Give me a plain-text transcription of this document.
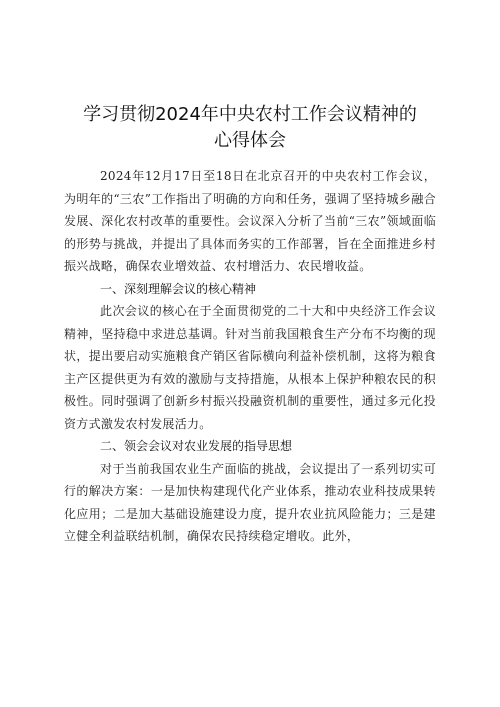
学习贯彻2024年中央农村工作会议精神的
心得体会

2024年12月17日至18日在北京召开的中央农村工作会议，为明年的“三农”工作指出了明确的方向和任务，强调了坚持城乡融合发展、深化农村改革的重要性。会议深入分析了当前“三农”领域面临的形势与挑战，并提出了具体而务实的工作部署，旨在全面推进乡村振兴战略，确保农业增效益、农村增活力、农民增收益。

一、深刻理解会议的核心精神

此次会议的核心在于全面贯彻党的二十大和中央经济工作会议精神，坚持稳中求进总基调。针对当前我国粮食生产分布不均衡的现状，提出要启动实施粮食产销区省际横向利益补偿机制，这将为粮食主产区提供更为有效的激励与支持措施，从根本上保护种粮农民的积极性。同时强调了创新乡村振兴投融资机制的重要性，通过多元化投资方式激发农村发展活力。

二、领会会议对农业发展的指导思想

对于当前我国农业生产面临的挑战，会议提出了一系列切实可行的解决方案：一是加快构建现代化产业体系，推动农业科技成果转化应用；二是加大基础设施建设力度，提升农业抗风险能力；三是建立健全利益联结机制，确保农民持续稳定增收。此外，
